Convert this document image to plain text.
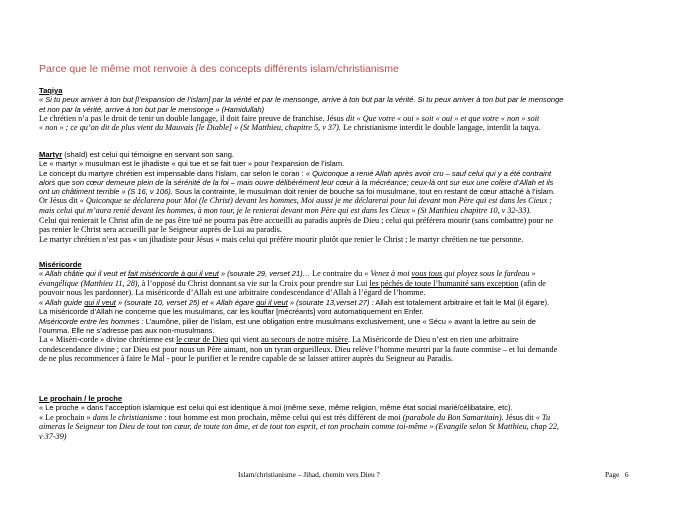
Parce que le même mot renvoie à des concepts différents islam/christianisme
Taqiya
« Si tu peux arriver à ton but [l’expansion de l’islam] par la vérité et par le mensonge, arrive à ton but par la vérité. Si tu peux arriver à ton but par le mensonge
et non par la vérité, arrive à ton but par le mensonge » (Hamidullah)
Le chrétien n’a pas le droit de tenir un double langage, il doit faire preuve de franchise. Jésus dit « Que votre « oui » soit « oui » et que votre « non » soit
« non » ; ce qu’on dit de plus vient du Mauvais [le Diable] » (St Matthieu, chapitre 5, v 37). Le christianisme interdit le double langage, interdit la taqya.
Martyr (shaïd) est celui qui témoigne en servant son sang.
Le « martyr » musulman est le jihadiste « qui tue et se fait tuer » pour l’expansion de l’islam.
Le concept du martyre chrétien est impensable dans l’islam, car selon le coran : « Quiconque a renié Allah après avoir cru – sauf celui qui y a été contraint
alors que son cœur demeure plein de la sérénité de la foi – mais ouvre délibérément leur cœur à la mécréance; ceux-là ont sur eux une colère d’Allah et ils
ont un châtiment terrible » (S 16, v 106). Sous la contrainte, le musulman doit renier de bouche sa foi musulmane, tout en restant de cœur attaché à l’islam.
Or Jésus dit « Quiconque se déclarera pour Moi (le Christ) devant les hommes, Moi aussi je me déclarerai pour lui devant mon Père qui est dans les Cieux ;
mais celui qui m’aura renié devant les hommes, à mon tour, je le renierai devant mon Père qui est dans les Cieux » (St Matthieu chapitre 10, v 32-33).
Celui qui renierait le Christ afin de ne pas être tué ne pourra pas être accueilli au paradis auprès de Dieu ; celui qui préférera mourir (sans combattre) pour ne
pas renier le Christ sera accueilli par le Seigneur auprès de Lui au paradis.
Le martyr chrétien n’est pas « un jihadiste pour Jésus » mais celui qui préfère mourir plutôt que renier le Christ ; le martyr chrétien ne tue personne.
Miséricorde
« Allah châtie qui il veut et fait miséricorde à qui il veut » (sourate 29, verset 21)… Le contraire du « Venez à moi vous tous qui ployez sous le fardeau »
évangélique (Matthieu 11, 28), à l’opposé du Christ donnant sa vie sur la Croix pour prendre sur Lui les péchés de toute l’humanité sans exception (afin de
pouvoir nous les pardonner). La miséricorde d’Allah est une arbitraire condescendance d’Allah à l’égard de l’homme.
« Allah guide qui il veut » (sourate 10, verset 25) et « Allah égare qui il veut » (sourate 13,verset 27) : Allah est totalement arbitraire et fait le Mal (il égare).
La miséricorde d’Allah ne concerne que les musulmans, car les kouffar [mécréants] vont automatiquement en Enfer.
Miséricorde entre les hommes : L’aumône, pilier de l’islam, est une obligation entre musulmans exclusivement, une « Sécu » avant la lettre au sein de
l’oumma. Elle ne s’adresse pas aux non-musulmans.
La « Misèri-corde » divine chrétienne est le cœur de Dieu qui vient au secours de notre misère. La Miséricorde de Dieu n’est en rien une arbitraire
condescendance divine ; car Dieu est pour nous un Père aimant, non un tyran orgueilleux. Dieu relève l’homme meurtri par la faute commise – et lui demande
de ne plus recommencer à faire le Mal - pour le purifier et le rendre capable de se laisser attirer auprès du Seigneur au Paradis.
Le prochain / le proche
« Le proche » dans l’acception islamique est celui qui est identique à moi (même sexe, même religion, même état social marié/célibataire, etc).
« Le prochain » dans le christianisme : tout homme est mon prochain, même celui qui est très différent de moi (parabole du Bon Samaritain). Jésus dit « Tu
aimeras le Seigneur ton Dieu de tout ton cœur, de toute ton âme, et de tout ton esprit, et ton prochain comme toi-même » (Evangile selon St Matthieu, chap 22,
v 37-39)
Islam/christianisme – Jihad, chemin vers Dieu ?	Page 6
